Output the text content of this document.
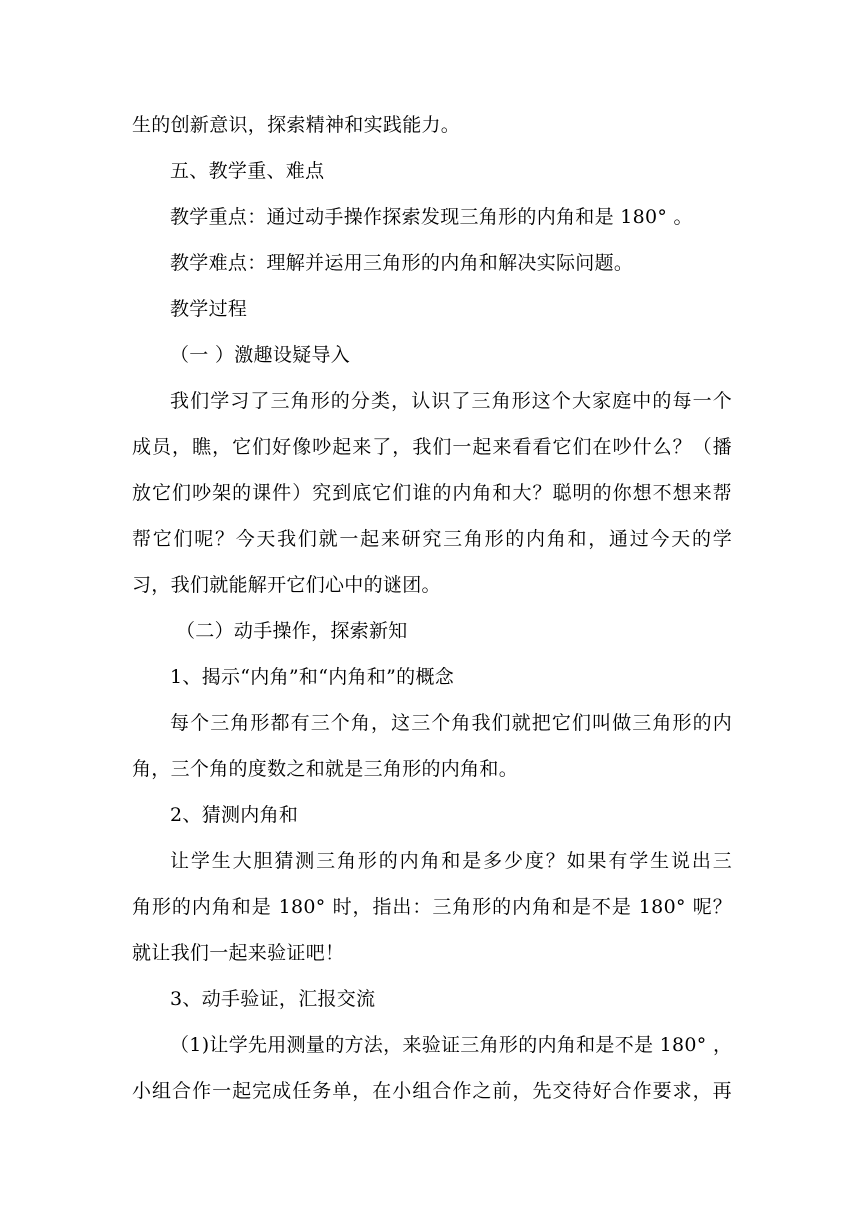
生的创新意识，探索精神和实践能力。
五、教学重、难点
教学重点：通过动手操作探索发现三角形的内角和是 180° 。
教学难点：理解并运用三角形的内角和解决实际问题。
教学过程
（一 ）激趣设疑导入
我们学习了三角形的分类，认识了三角形这个大家庭中的每一个
成员，瞧，它们好像吵起来了，我们一起来看看它们在吵什么？（播
放它们吵架的课件）究到底它们谁的内角和大？聪明的你想不想来帮
帮它们呢？今天我们就一起来研究三角形的内角和，通过今天的学
习，我们就能解开它们心中的谜团。
（二）动手操作，探索新知
1、揭示“内角”和“内角和”的概念
每个三角形都有三个角，这三个角我们就把它们叫做三角形的内
角，三个角的度数之和就是三角形的内角和。
2、猜测内角和
让学生大胆猜测三角形的内角和是多少度？如果有学生说出三
角形的内角和是 180° 时，指出：三角形的内角和是不是 180° 呢？
就让我们一起来验证吧！
3、动手验证，汇报交流
（1)让学先用测量的方法，来验证三角形的内角和是不是 180° ，
小组合作一起完成任务单，在小组合作之前，先交待好合作要求，再
